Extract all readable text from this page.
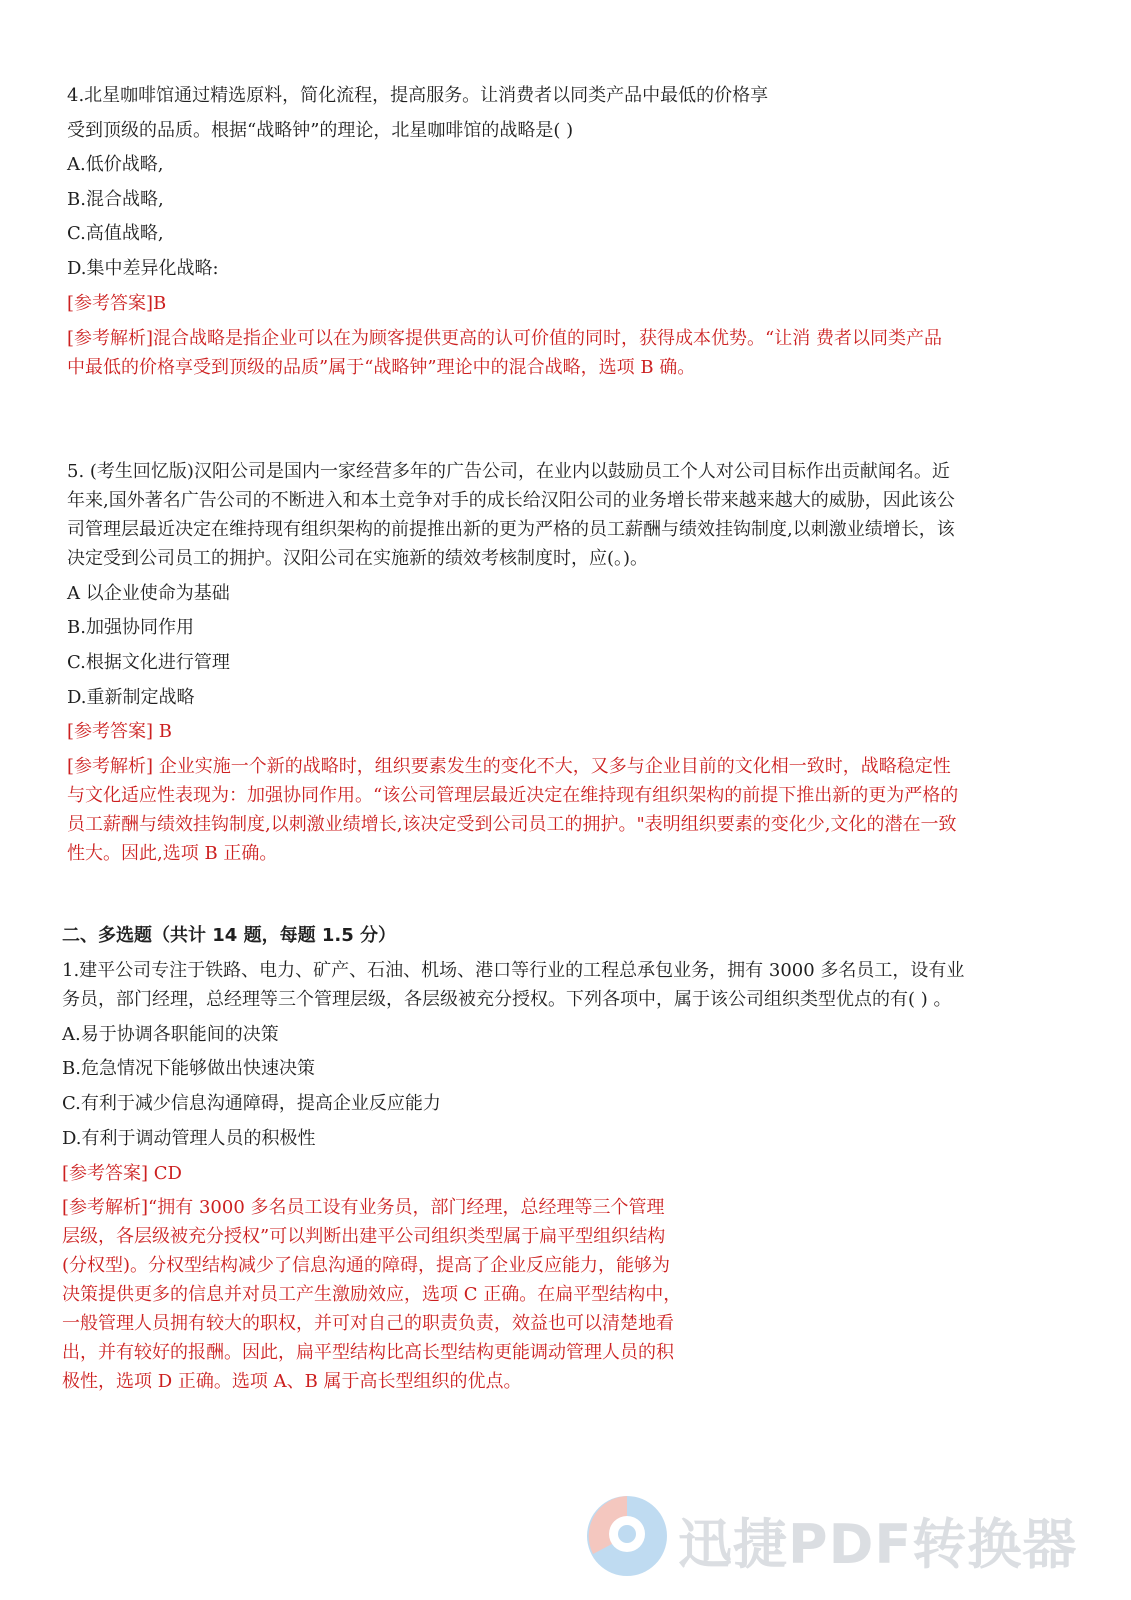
4.北星咖啡馆通过精选原料，简化流程，提高服务。让消费者以同类产品中最低的价格享
受到顶级的品质。根据“战略钟”的理论，北星咖啡馆的战略是( )
A.低价战略,
B.混合战略,
C.高值战略,
D.集中差异化战略:
[参考答案]B
[参考解析]混合战略是指企业可以在为顾客提供更高的认可价值的同时，获得成本优势。“让消 费者以同类产品
中最低的价格享受到顶级的品质”属于“战略钟”理论中的混合战略，选项 B 确。
5. (考生回忆版)汉阳公司是国内一家经营多年的广告公司，在业内以鼓励员工个人对公司目标作出贡献闻名。近
年来,国外著名广告公司的不断进入和本土竞争对手的成长给汉阳公司的业务增长带来越来越大的威胁，因此该公
司管理层最近决定在维持现有组织架构的前提推出新的更为严格的员工薪酬与绩效挂钩制度,以刺激业绩增长，该
决定受到公司员工的拥护。汉阳公司在实施新的绩效考核制度时，应(。)。
A 以企业使命为基础
B.加强协同作用
C.根据文化进行管理
D.重新制定战略
[参考答案] B
[参考解析] 企业实施一个新的战略时，组织要素发生的变化不大，又多与企业目前的文化相一致时，战略稳定性
与文化适应性表现为：加强协同作用。“该公司管理层最近决定在维持现有组织架构的前提下推出新的更为严格的
员工薪酬与绩效挂钩制度,以刺激业绩增长,该决定受到公司员工的拥护。"表明组织要素的变化少,文化的潜在一致
性大。因此,选项 B 正确。
二、多选题（共计 14 题，每题 1.5 分）
1.建平公司专注于铁路、电力、矿产、石油、机场、港口等行业的工程总承包业务，拥有 3000 多名员工，设有业
务员，部门经理，总经理等三个管理层级，各层级被充分授权。下列各项中，属于该公司组织类型优点的有( ) 。
A.易于协调各职能间的决策
B.危急情况下能够做出快速决策
C.有利于减少信息沟通障碍，提高企业反应能力
D.有利于调动管理人员的积极性
[参考答案] CD
[参考解析]“拥有 3000 多名员工设有业务员，部门经理，总经理等三个管理
层级，各层级被充分授权”可以判断出建平公司组织类型属于扁平型组织结构
(分权型)。分权型结构减少了信息沟通的障碍，提高了企业反应能力，能够为
决策提供更多的信息并对员工产生激励效应，选项 C 正确。在扁平型结构中，
一般管理人员拥有较大的职权，并可对自己的职责负责，效益也可以清楚地看
出，并有较好的报酬。因此，扁平型结构比高长型结构更能调动管理人员的积
极性，选项 D 正确。选项 A、B 属于高长型组织的优点。
迅捷PDF转换器
